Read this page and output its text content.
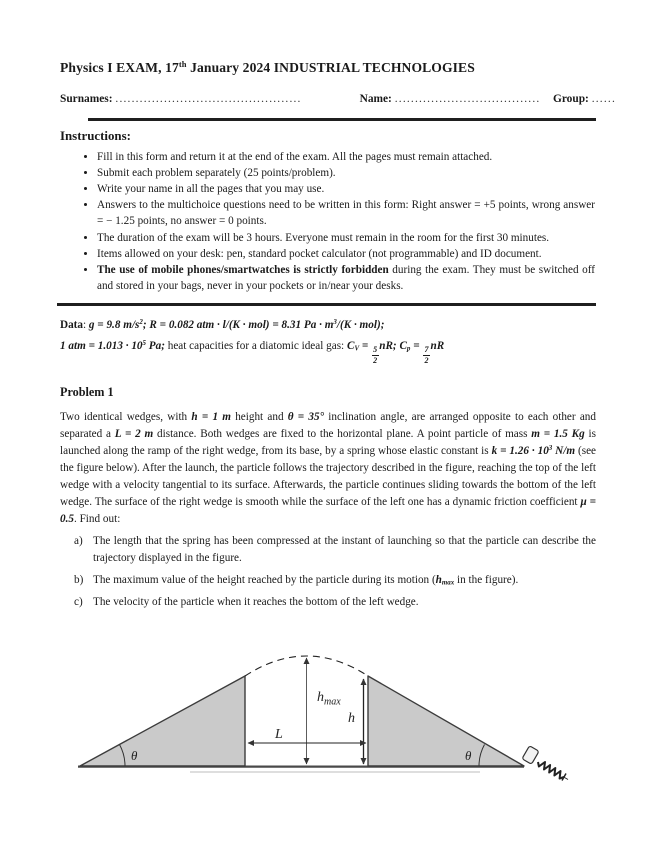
Physics I EXAM, 17th January 2024 INDUSTRIAL TECHNOLOGIES
Surnames: ..............................................	Name: .................................... Group: ......
Instructions:
• Fill in this form and return it at the end of the exam. All the pages must remain attached.
• Submit each problem separately (25 points/problem).
• Write your name in all the pages that you may use.
• Answers to the multichoice questions need to be written in this form: Right answer = +5 points, wrong answer = − 1.25 points, no answer = 0 points.
• The duration of the exam will be 3 hours. Everyone must remain in the room for the first 30 minutes.
• Items allowed on your desk: pen, standard pocket calculator (not programmable) and ID document.
• The use of mobile phones/smartwatches is strictly forbidden during the exam. They must be switched off and stored in your bags, never in your pockets or in/near your desks.
Data: g = 9.8 $m/s^2$; R = 0.082 atm · l/(K · mol) = 8.31 $Pa \cdot m^3/(K \cdot mol)$;
1 atm = $1.013 \cdot 10^5$ Pa; heat capacities for a diatomic ideal gas: $C_V$ =
$\frac{5}{2}$
nR; $C_p$ =
$\frac{7}{2}$
nR
Problem 1
Two identical wedges, with h = 1 m height and θ = 35° inclination angle, are arranged opposite to each other and separated a L = 2 m distance. Both wedges are fixed to the horizontal plane. A point particle of mass m = 1.5 Kg is launched along the ramp of the right wedge, from its base, by a spring whose elastic constant is $k = 1.26 \cdot 10^3$ N/m (see the figure below). After the launch, the particle follows the trajectory described in the figure, reaching the top of the left wedge with a velocity tangential to its surface. Afterwards, the particle continues sliding towards the bottom of the left wedge. The surface of the right wedge is smooth while the surface of the left one has a dynamic friction coefficient μ = 0.5. Find out:
a) The length that the spring has been compressed at the instant of launching so that the particle can describe the trajectory displayed in the figure.
b) The maximum value of the height reached by the particle during its motion ($h_{max}$ in the figure).
c) The velocity of the particle when it reaches the bottom of the left wedge.
$h_{max}$
h
L
θ	θ
